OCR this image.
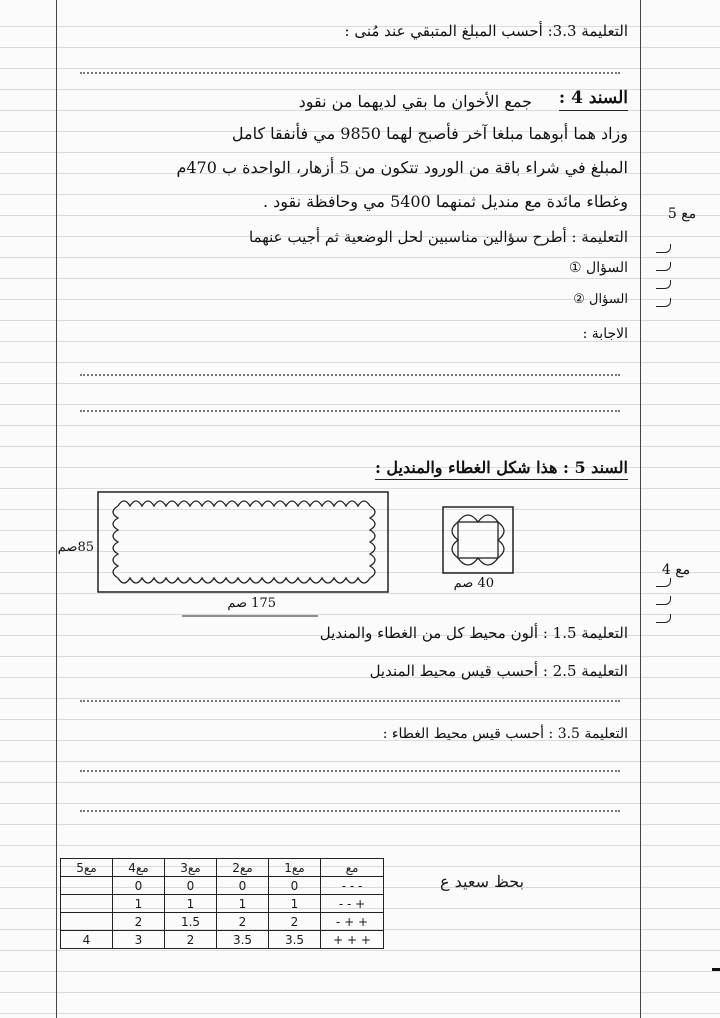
التعليمة 3.3: أحسب المبلغ المتبقي عند مُنى :
السند 4 :
جمع الأخوان ما بقي لديهما من نقود
وزاد هما أبوهما مبلغا آخر فأصبح لهما 9850 مي فأنفقا كامل
المبلغ في شراء باقة من الورود تتكون من 5 أزهار، الواحدة ب 470م
وغطاء مائدة مع منديل ثمنهما 5400 مي وحافظة نقود .
التعليمة : أطرح سؤالين مناسبين لحل الوضعية ثم أجيب عنهما
السؤال ①
السؤال ②
الاجابة :
مع 5
السند 5 : هذا شكل الغطاء والمنديل :
85صم
175 صم
40 صم
التعليمة 1.5 : ألون محيط كل من الغطاء والمنديل
التعليمة 2.5 : أحسب قيس محيط المنديل
التعليمة 3.5 : أحسب قيس محيط الغطاء :
مع 4
مع5	مع4	مع3	مع2	مع1	مع
	0	0	0	0	- - -
	1	1	1	1	- - +
	2	1.5	2	2	- + +
4	3	2	3.5	3.5	+ + +
بحظ سعيد ع
